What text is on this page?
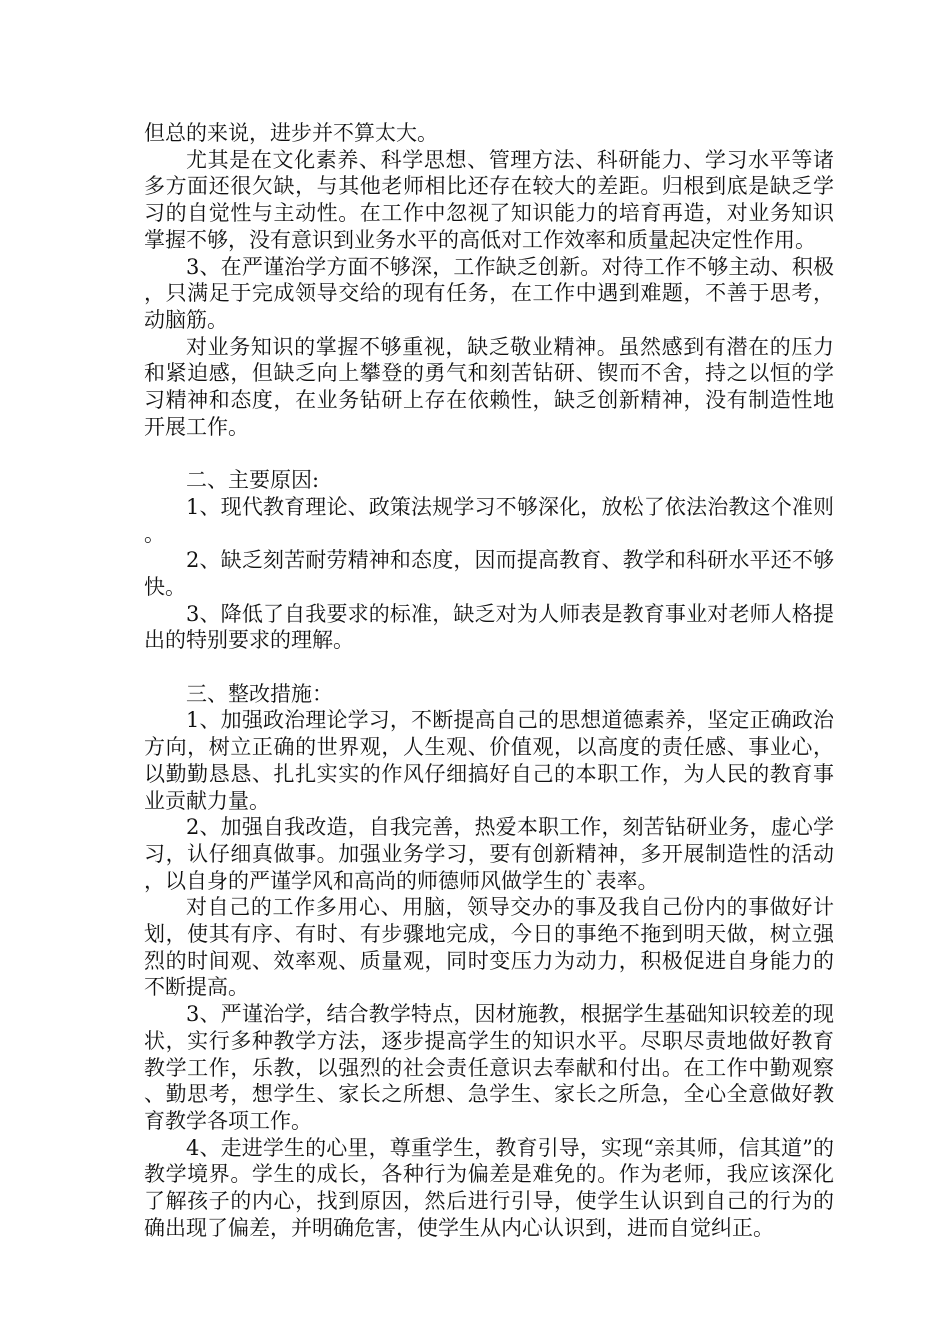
但总的来说，进步并不算太大。

尤其是在文化素养、科学思想、管理方法、科研能力、学习水平等诸多方面还很欠缺，与其他老师相比还存在较大的差距。归根到底是缺乏学习的自觉性与主动性。在工作中忽视了知识能力的培育再造，对业务知识掌握不够，没有意识到业务水平的高低对工作效率和质量起决定性作用。

3、在严谨治学方面不够深，工作缺乏创新。对待工作不够主动、积极，只满足于完成领导交给的现有任务，在工作中遇到难题，不善于思考，动脑筋。

对业务知识的掌握不够重视，缺乏敬业精神。虽然感到有潜在的压力和紧迫感，但缺乏向上攀登的勇气和刻苦钻研、锲而不舍，持之以恒的学习精神和态度，在业务钻研上存在依赖性，缺乏创新精神，没有制造性地开展工作。

二、主要原因:

1、现代教育理论、政策法规学习不够深化，放松了依法治教这个准则。

2、缺乏刻苦耐劳精神和态度，因而提高教育、教学和科研水平还不够快。

3、降低了自我要求的标准，缺乏对为人师表是教育事业对老师人格提出的特别要求的理解。

三、整改措施：

1、加强政治理论学习，不断提高自己的思想道德素养，坚定正确政治方向，树立正确的世界观，人生观、价值观，以高度的责任感、事业心，以勤勤恳恳、扎扎实实的作风仔细搞好自己的本职工作，为人民的教育事业贡献力量。

2、加强自我改造，自我完善，热爱本职工作，刻苦钻研业务，虚心学习，认仔细真做事。加强业务学习，要有创新精神，多开展制造性的活动，以自身的严谨学风和高尚的师德师风做学生的`表率。

对自己的工作多用心、用脑，领导交办的事及我自己份内的事做好计划，使其有序、有时、有步骤地完成，今日的事绝不拖到明天做，树立强烈的时间观、效率观、质量观，同时变压力为动力，积极促进自身能力的不断提高。

3、严谨治学，结合教学特点，因材施教，根据学生基础知识较差的现状，实行多种教学方法，逐步提高学生的知识水平。尽职尽责地做好教育教学工作，乐教，以强烈的社会责任意识去奉献和付出。在工作中勤观察、勤思考，想学生、家长之所想、急学生、家长之所急，全心全意做好教育教学各项工作。

4、走进学生的心里，尊重学生，教育引导，实现“亲其师，信其道”的教学境界。学生的成长，各种行为偏差是难免的。作为老师，我应该深化了解孩子的内心，找到原因，然后进行引导，使学生认识到自己的行为的确出现了偏差，并明确危害，使学生从内心认识到，进而自觉纠正。
